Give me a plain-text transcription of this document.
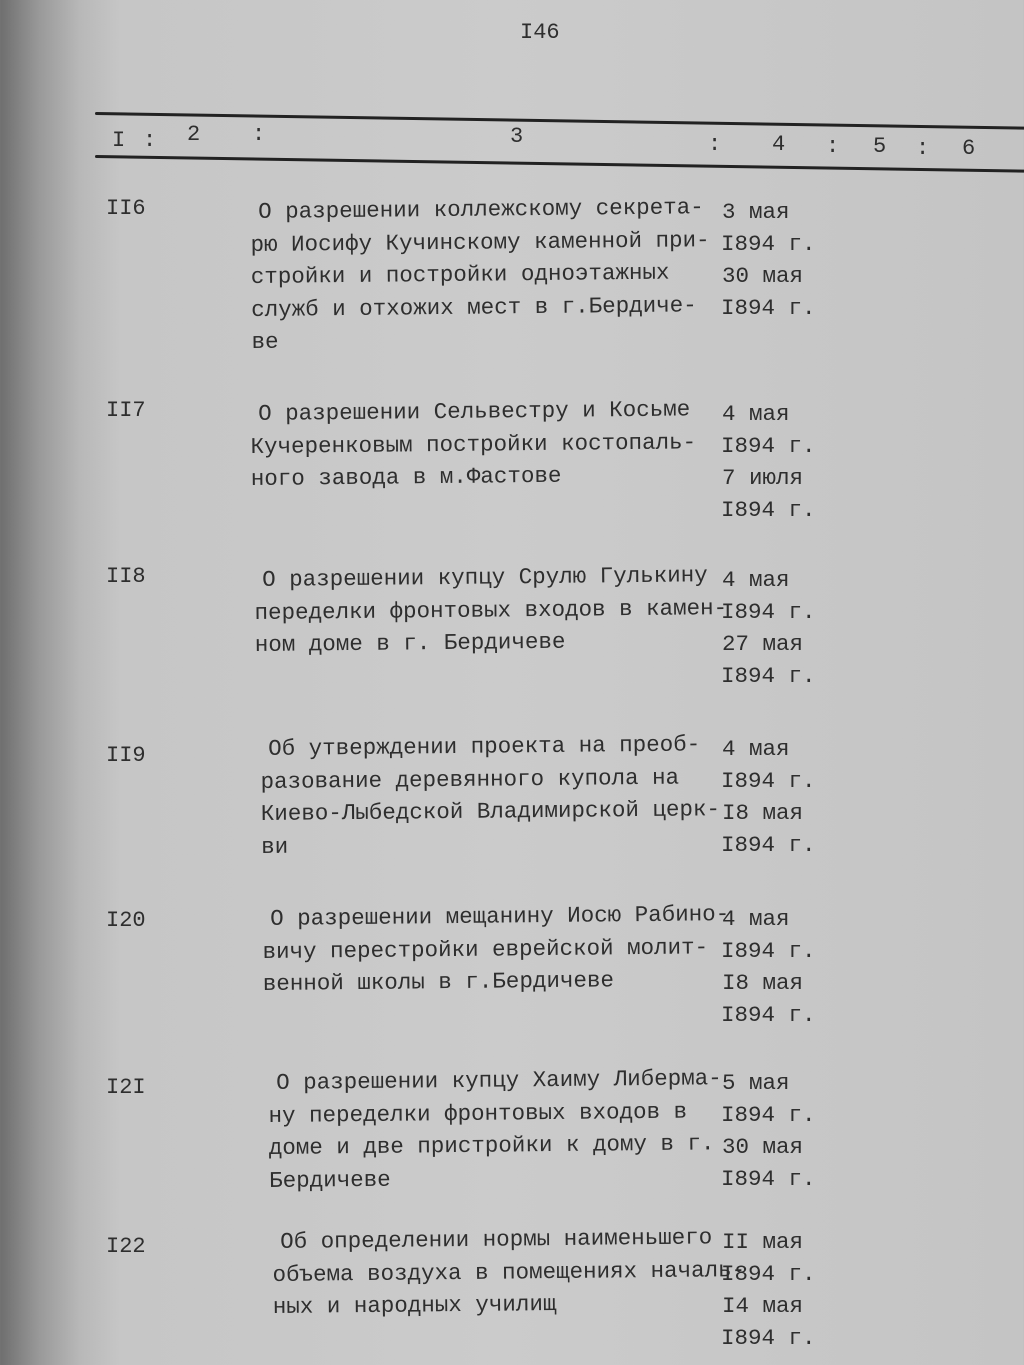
I46
I : 2 :	3	: 4 : 5 : 6
II6	О разрешении коллежскому секрета-
рю Иосифу Кучинскому каменной при-
стройки и постройки одноэтажных
служб и отхожих мест в г.Бердиче-
ве
3 мая
I894 г.
30 мая
I894 г.
II7	О разрешении Сельвестру и Косьме
Кучеренковым постройки костопаль-
ного завода в м.Фастове
4 мая
I894 г.
7 июля
I894 г.
II8	О разрешении купцу Срулю Гулькину
переделки фронтовых входов в камен-
ном доме в г. Бердичеве
4 мая
I894 г.
27 мая
I894 г.
II9	Об утверждении проекта на преоб-
разование деревянного купола на
Киево-Лыбедской Владимирской церк-
ви
4 мая
I894 г.
I8 мая
I894 г.
I20	О разрешении мещанину Иосю Рабино-
вичу перестройки еврейской молит-
венной школы в г.Бердичеве
4 мая
I894 г.
I8 мая
I894 г.
I2I	О разрешении купцу Хаиму Либерма-
ну переделки фронтовых входов в
доме и две пристройки к дому в г.
Бердичеве
5 мая
I894 г.
30 мая
I894 г.
I22	Об определении нормы наименьшего
объема воздуха в помещениях началь-
ных и народных училищ
II мая
I894 г.
I4 мая
I894 г.
